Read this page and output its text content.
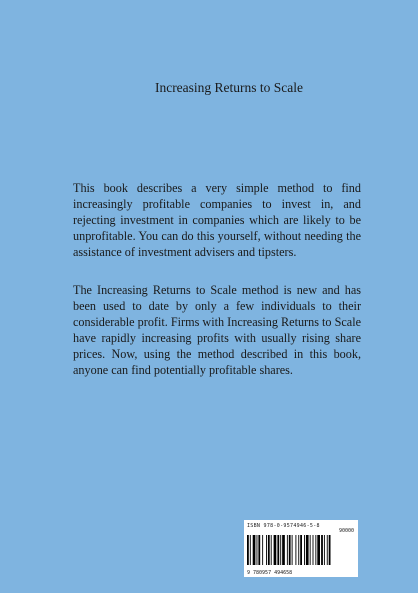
Increasing Returns to Scale
This book describes a very simple method to find increasingly profitable companies to invest in, and rejecting investment in companies which are likely to be unprofitable. You can do this yourself, without needing the assistance of investment advisers and tipsters.
The Increasing Returns to Scale method is new and has been used to date by only a few individuals to their considerable profit. Firms with Increasing Returns to Scale have rapidly increasing profits with usually rising share prices. Now, using the method described in this book, anyone can find potentially profitable shares.
ISBN 978-0-9574946-5-8
90000
9 780957 494658
